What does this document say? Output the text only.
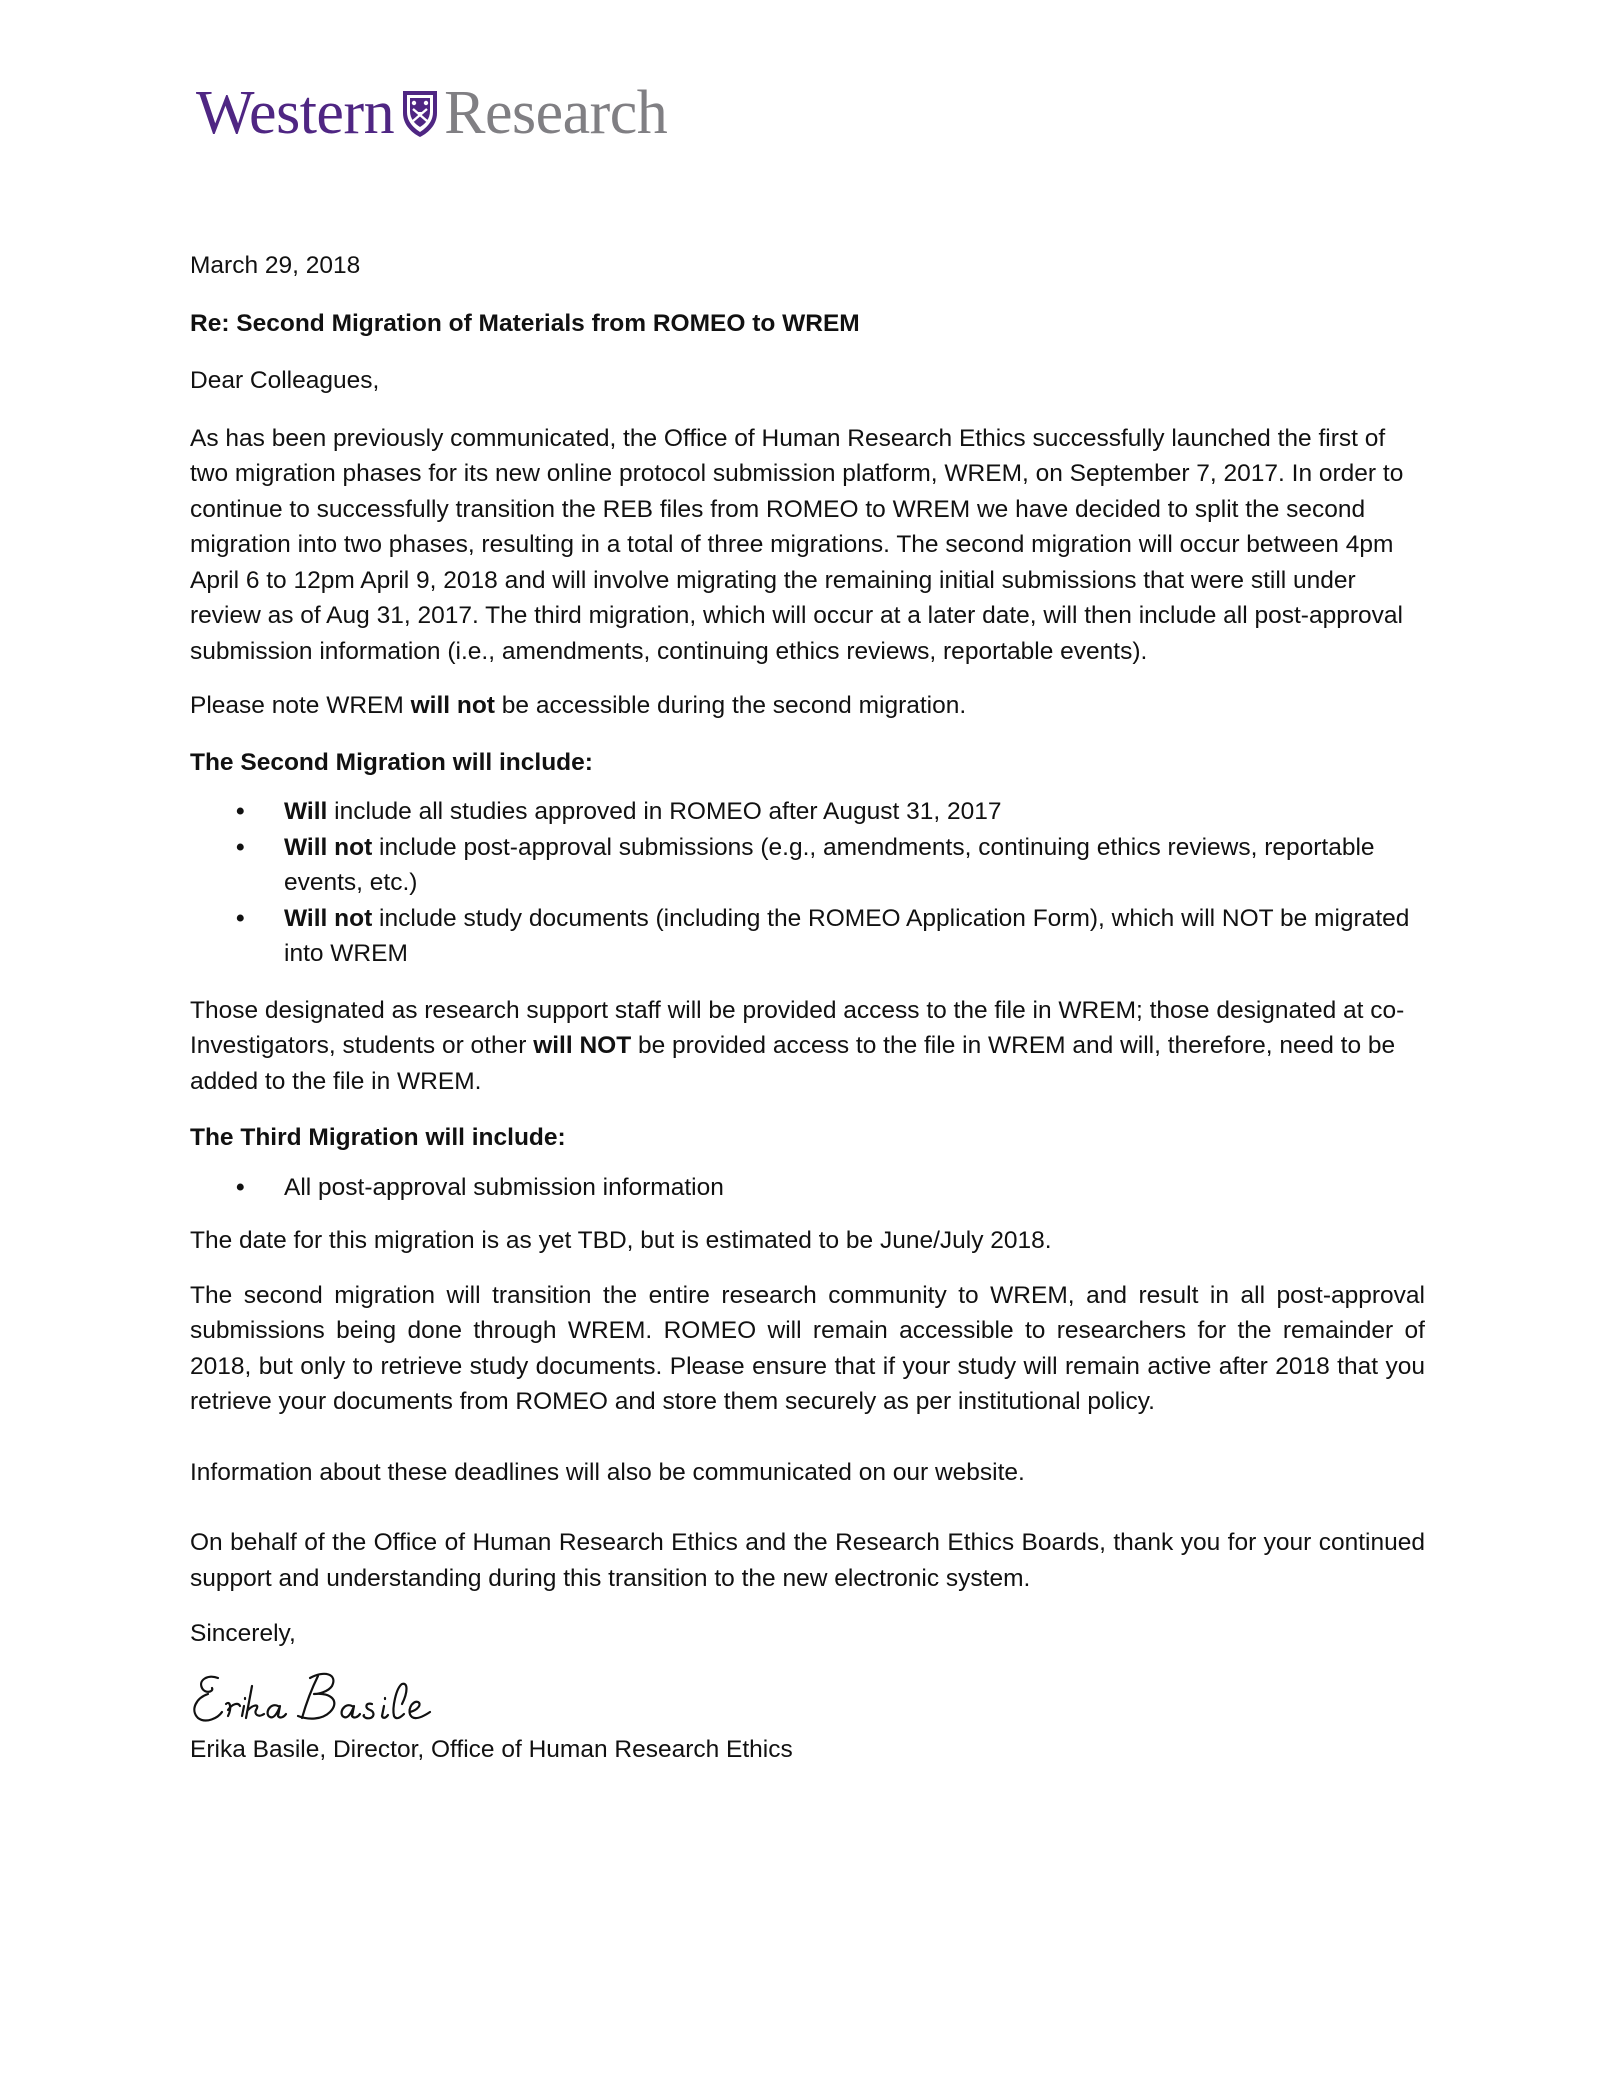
Western Research

March 29, 2018

Re: Second Migration of Materials from ROMEO to WREM

Dear Colleagues,

As has been previously communicated, the Office of Human Research Ethics successfully launched the first of two migration phases for its new online protocol submission platform, WREM, on September 7, 2017. In order to continue to successfully transition the REB files from ROMEO to WREM we have decided to split the second migration into two phases, resulting in a total of three migrations. The second migration will occur between 4pm April 6 to 12pm April 9, 2018 and will involve migrating the remaining initial submissions that were still under review as of Aug 31, 2017. The third migration, which will occur at a later date, will then include all post-approval submission information (i.e., amendments, continuing ethics reviews, reportable events).

Please note WREM will not be accessible during the second migration.

The Second Migration will include:

• Will include all studies approved in ROMEO after August 31, 2017
• Will not include post-approval submissions (e.g., amendments, continuing ethics reviews, reportable events, etc.)
• Will not include study documents (including the ROMEO Application Form), which will NOT be migrated into WREM

Those designated as research support staff will be provided access to the file in WREM; those designated at co-Investigators, students or other will NOT be provided access to the file in WREM and will, therefore, need to be added to the file in WREM.

The Third Migration will include:

• All post-approval submission information

The date for this migration is as yet TBD, but is estimated to be June/July 2018.

The second migration will transition the entire research community to WREM, and result in all post-approval submissions being done through WREM. ROMEO will remain accessible to researchers for the remainder of 2018, but only to retrieve study documents. Please ensure that if your study will remain active after 2018 that you retrieve your documents from ROMEO and store them securely as per institutional policy.

Information about these deadlines will also be communicated on our website.

On behalf of the Office of Human Research Ethics and the Research Ethics Boards, thank you for your continued support and understanding during this transition to the new electronic system.

Sincerely,

Erika Basile, Director, Office of Human Research Ethics
